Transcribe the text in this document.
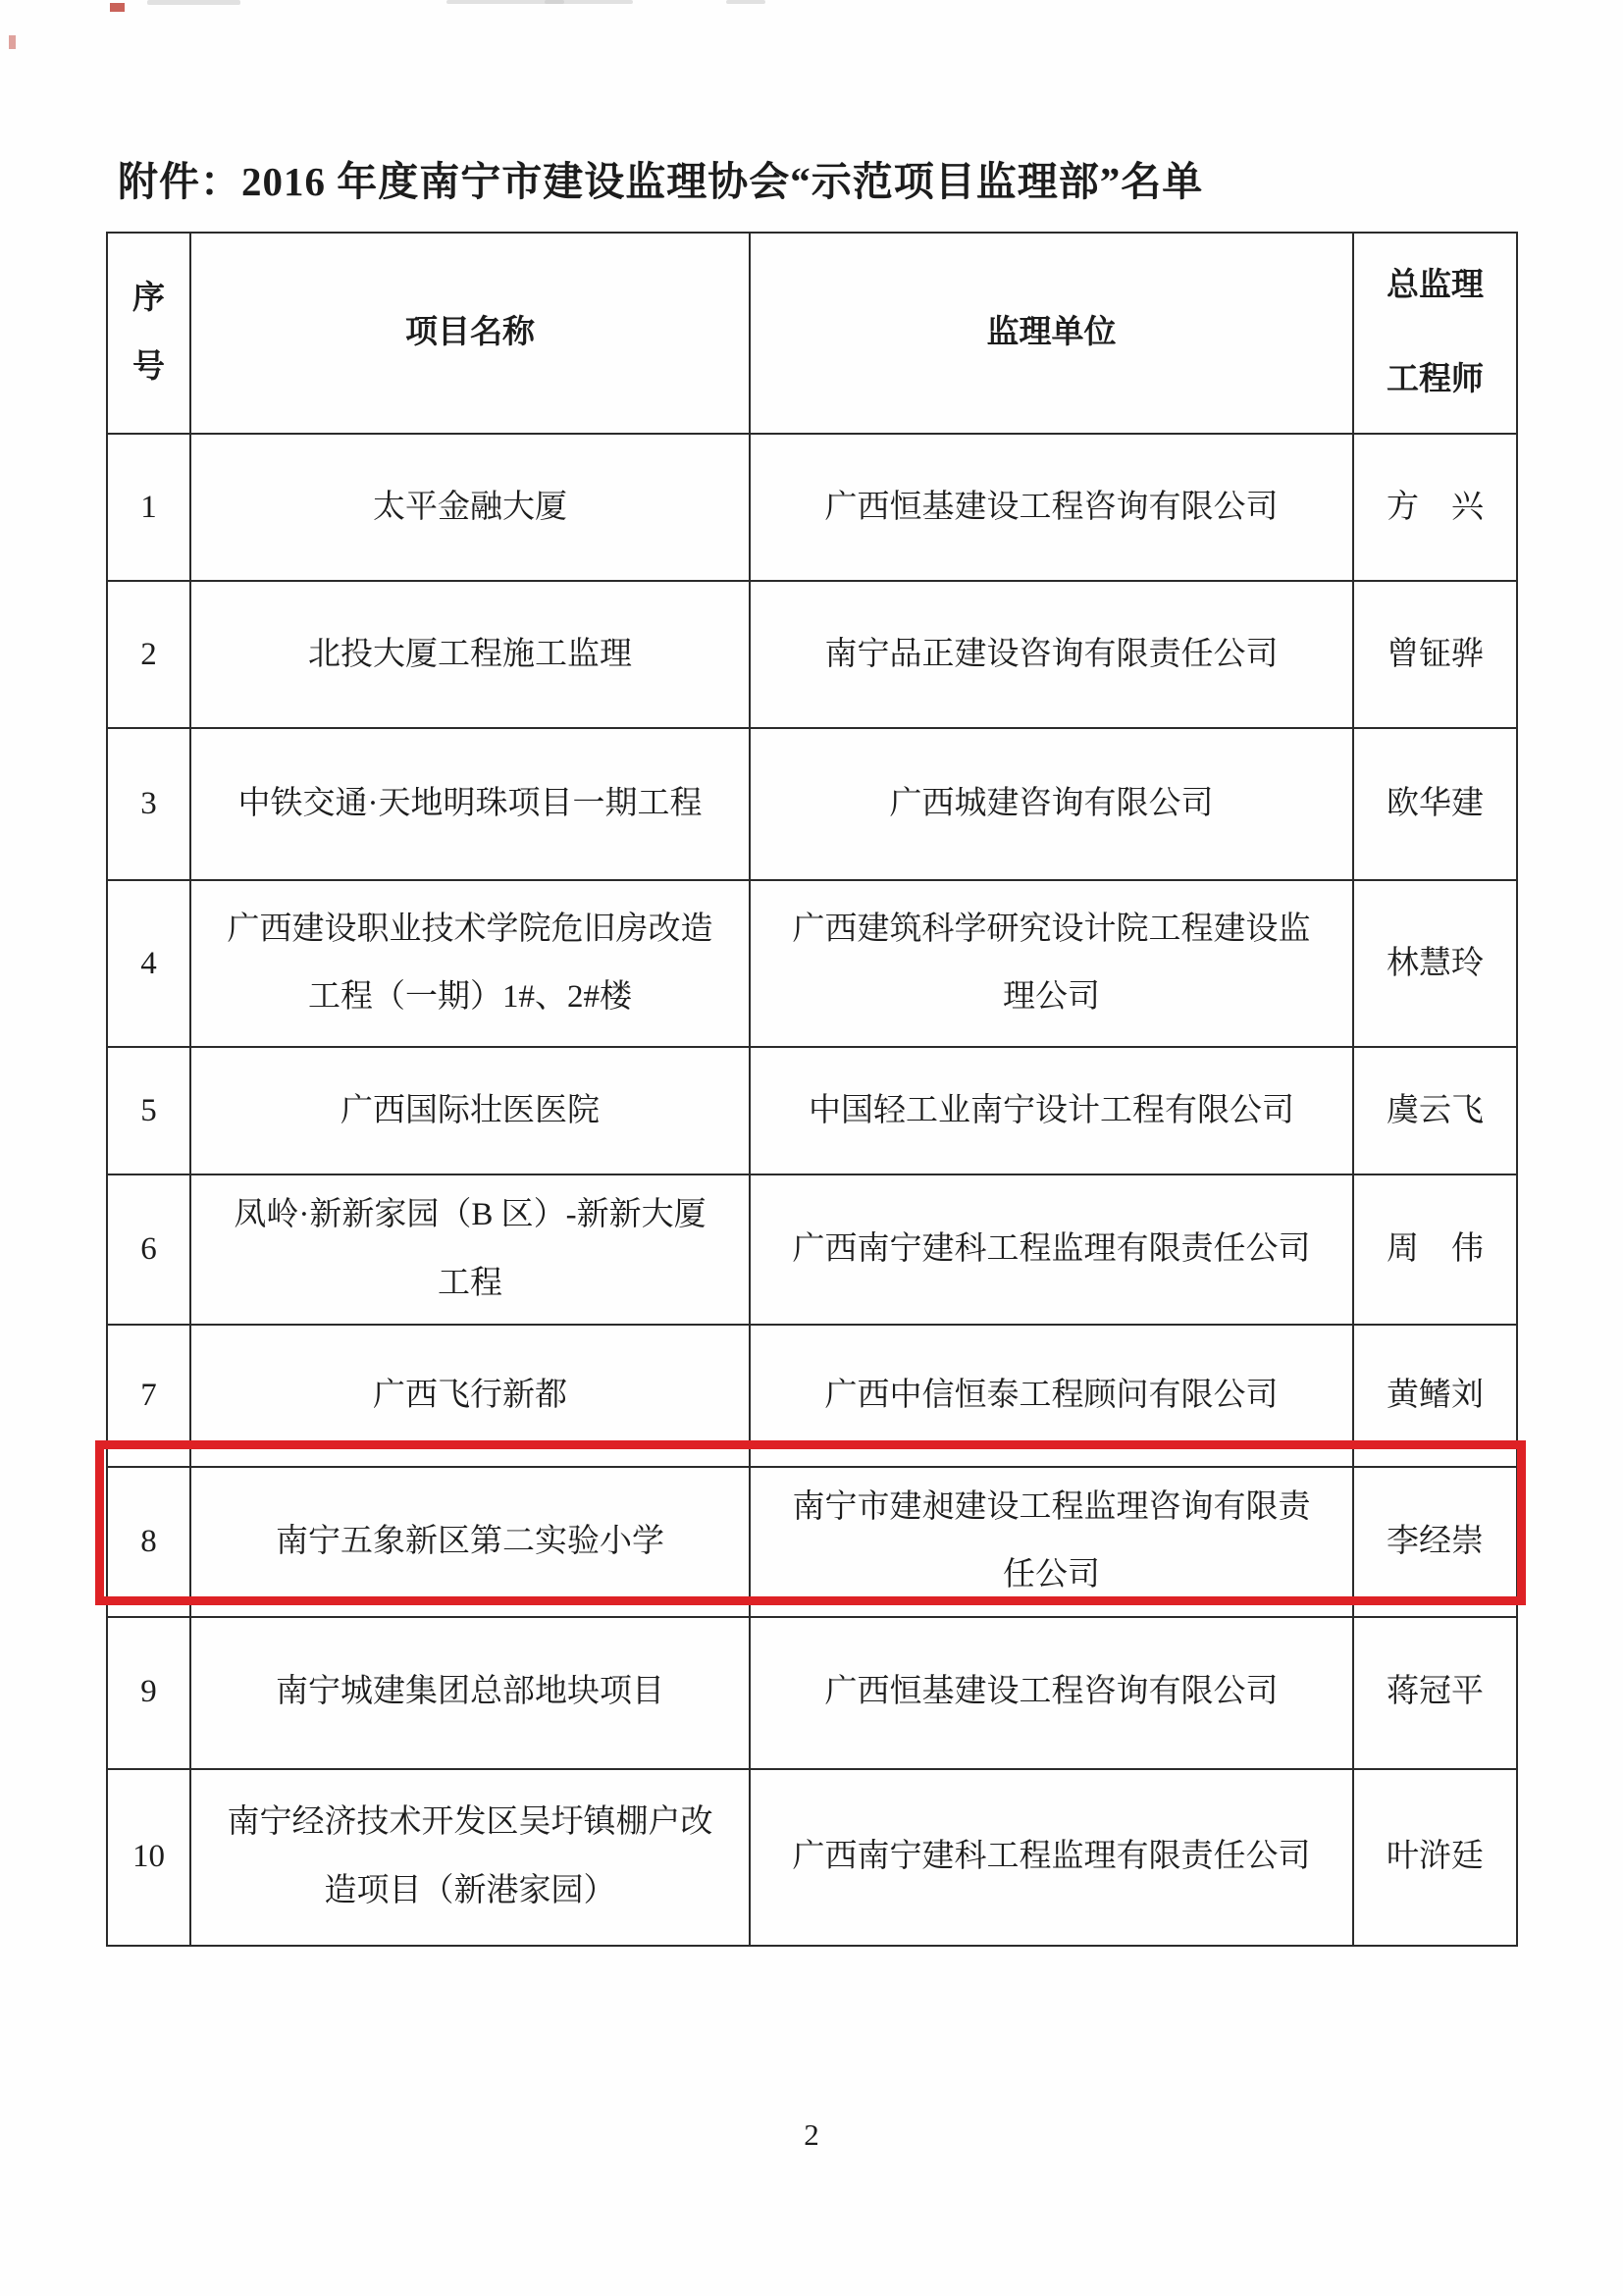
附件：2016 年度南宁市建设监理协会“示范项目监理部”名单
序号	项目名称	监理单位	总监理工程师

1	太平金融大厦	广西恒基建设工程咨询有限公司	方　兴
2	北投大厦工程施工监理	南宁品正建设咨询有限责任公司	曾钲骅
3	中铁交通·天地明珠项目一期工程	广西城建咨询有限公司	欧华建
4	广西建设职业技术学院危旧房改造工程（一期）1#、2#楼	广西建筑科学研究设计院工程建设监理公司	林慧玲
5	广西国际壮医医院	中国轻工业南宁设计工程有限公司	虞云飞
6	凤岭·新新家园（B 区）-新新大厦工程	广西南宁建科工程监理有限责任公司	周　伟
7	广西飞行新都	广西中信恒泰工程顾问有限公司	黄鳍刘
8	南宁五象新区第二实验小学	南宁市建昶建设工程监理咨询有限责任公司	李经崇
9	南宁城建集团总部地块项目	广西恒基建设工程咨询有限公司	蒋冠平
10	南宁经济技术开发区吴圩镇棚户改造项目（新港家园）	广西南宁建科工程监理有限责任公司	叶浒廷
2
